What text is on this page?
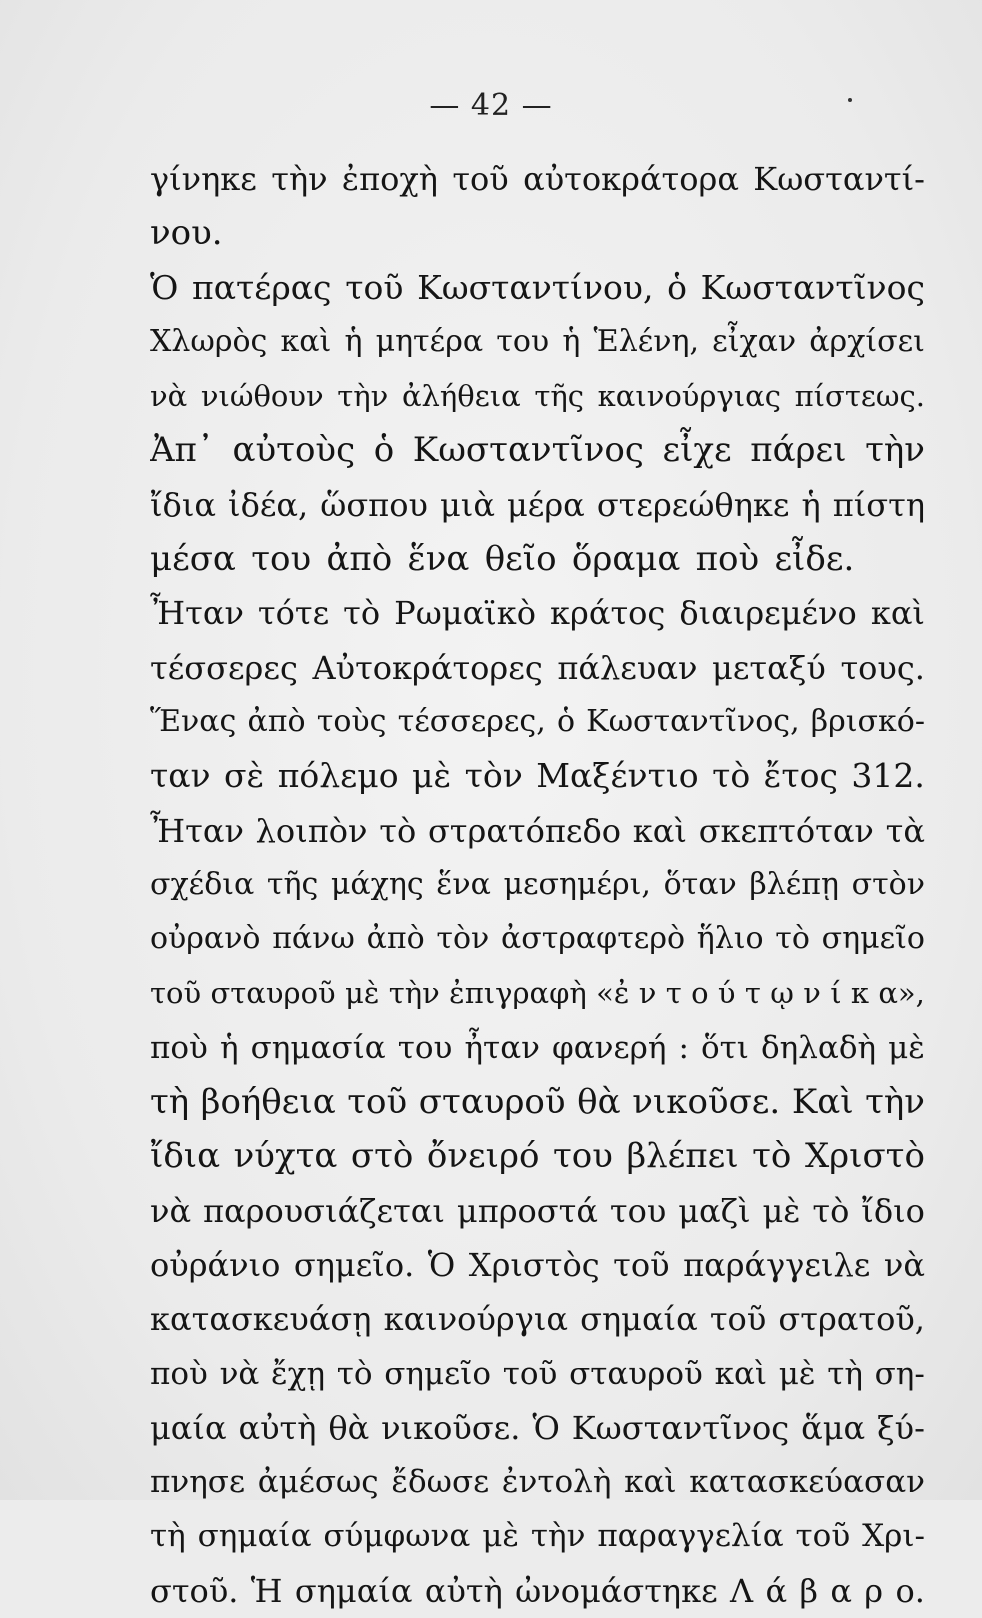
— 42 —
γίνηκε τὴν ἐποχὴ τοῦ αὐτοκράτορα Κωσταντί-
νου.
Ὁ πατέρας τοῦ Κωσταντίνου, ὁ Κωσταντῖνος
Χλωρὸς καὶ ἡ μητέρα του ἡ Ἑλένη, εἶχαν ἀρχίσει
νὰ νιώθουν τὴν ἀλήθεια τῆς καινούργιας πίστεως.
Ἀπ᾿ αὐτοὺς ὁ Κωσταντῖνος εἶχε πάρει τὴν
ἴδια ἰδέα, ὥσπου μιὰ μέρα στερεώθηκε ἡ πίστη
μέσα του ἀπὸ ἕνα θεῖο ὅραμα ποὺ εἶδε.
Ἦταν τότε τὸ Ρωμαϊκὸ κράτος διαιρεμένο καὶ
τέσσερες Αὐτοκράτορες πάλευαν μεταξύ τους.
Ἕνας ἀπὸ τοὺς τέσσερες, ὁ Κωσταντῖνος, βρισκό-
ταν σὲ πόλεμο μὲ τὸν Μαξέντιο τὸ ἔτος 312.
Ἦταν λοιπὸν τὸ στρατόπεδο καὶ σκεπτόταν τὰ
σχέδια τῆς μάχης ἕνα μεσημέρι, ὅταν βλέπῃ στὸν
οὐρανὸ πάνω ἀπὸ τὸν ἀστραφτερὸ ἥλιο τὸ σημεῖο
τοῦ σταυροῦ μὲ τὴν ἐπιγραφὴ «ἐ ν τ ο ύ τ ῳ ν ί κ α»,
ποὺ ἡ σημασία του ἦταν φανερή : ὅτι δηλαδὴ μὲ
τὴ βοήθεια τοῦ σταυροῦ θὰ νικοῦσε. Καὶ τὴν
ἴδια νύχτα στὸ ὄνειρό του βλέπει τὸ Χριστὸ
νὰ παρουσιάζεται μπροστά του μαζὶ μὲ τὸ ἴδιο
οὐράνιο σημεῖο. Ὁ Χριστὸς τοῦ παράγγειλε νὰ
κατασκευάσῃ καινούργια σημαία τοῦ στρατοῦ,
ποὺ νὰ ἔχῃ τὸ σημεῖο τοῦ σταυροῦ καὶ μὲ τὴ ση-
μαία αὐτὴ θὰ νικοῦσε. Ὁ Κωσταντῖνος ἅμα ξύ-
πνησε ἀμέσως ἔδωσε ἐντολὴ καὶ κατασκεύασαν
τὴ σημαία σύμφωνα μὲ τὴν παραγγελία τοῦ Χρι-
στοῦ. Ἡ σημαία αὐτὴ ὠνομάστηκε Λ ά β α ρ ο.
